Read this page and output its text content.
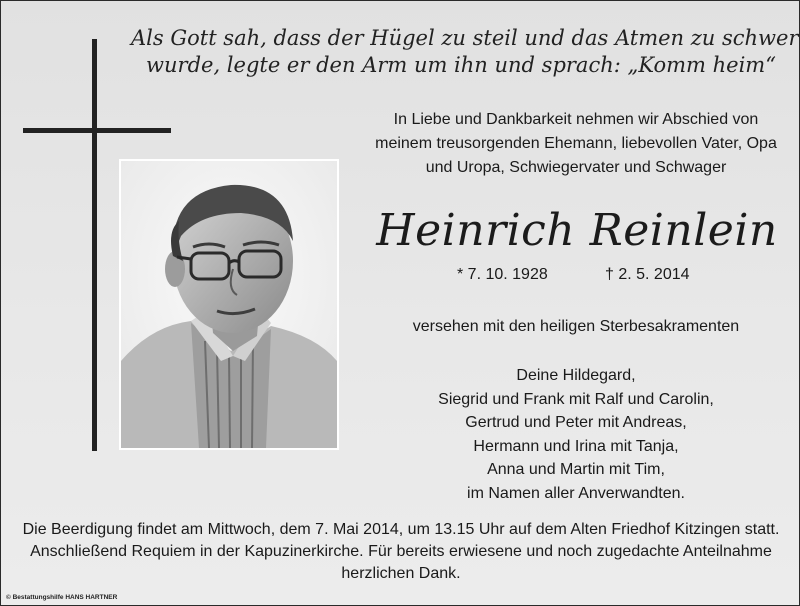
Als Gott sah, dass der Hügel zu steil und das Atmen zu schwer
wurde, legte er den Arm um ihn und sprach: „Komm heim“
In Liebe und Dankbarkeit nehmen wir Abschied von
meinem treusorgenden Ehemann, liebevollen Vater, Opa
und Uropa, Schwiegervater und Schwager
Heinrich Reinlein
* 7. 10. 1928	† 2. 5. 2014
versehen mit den heiligen Sterbesakramenten
Deine Hildegard,
Siegrid und Frank mit Ralf und Carolin,
Gertrud und Peter mit Andreas,
Hermann und Irina mit Tanja,
Anna und Martin mit Tim,
im Namen aller Anverwandten.
Die Beerdigung findet am Mittwoch, dem 7. Mai 2014, um 13.15 Uhr auf dem Alten Friedhof Kitzingen statt.
Anschließend Requiem in der Kapuzinerkirche. Für bereits erwiesene und noch zugedachte Anteilnahme
herzlichen Dank.
© Bestattungshilfe HANS HARTNER
